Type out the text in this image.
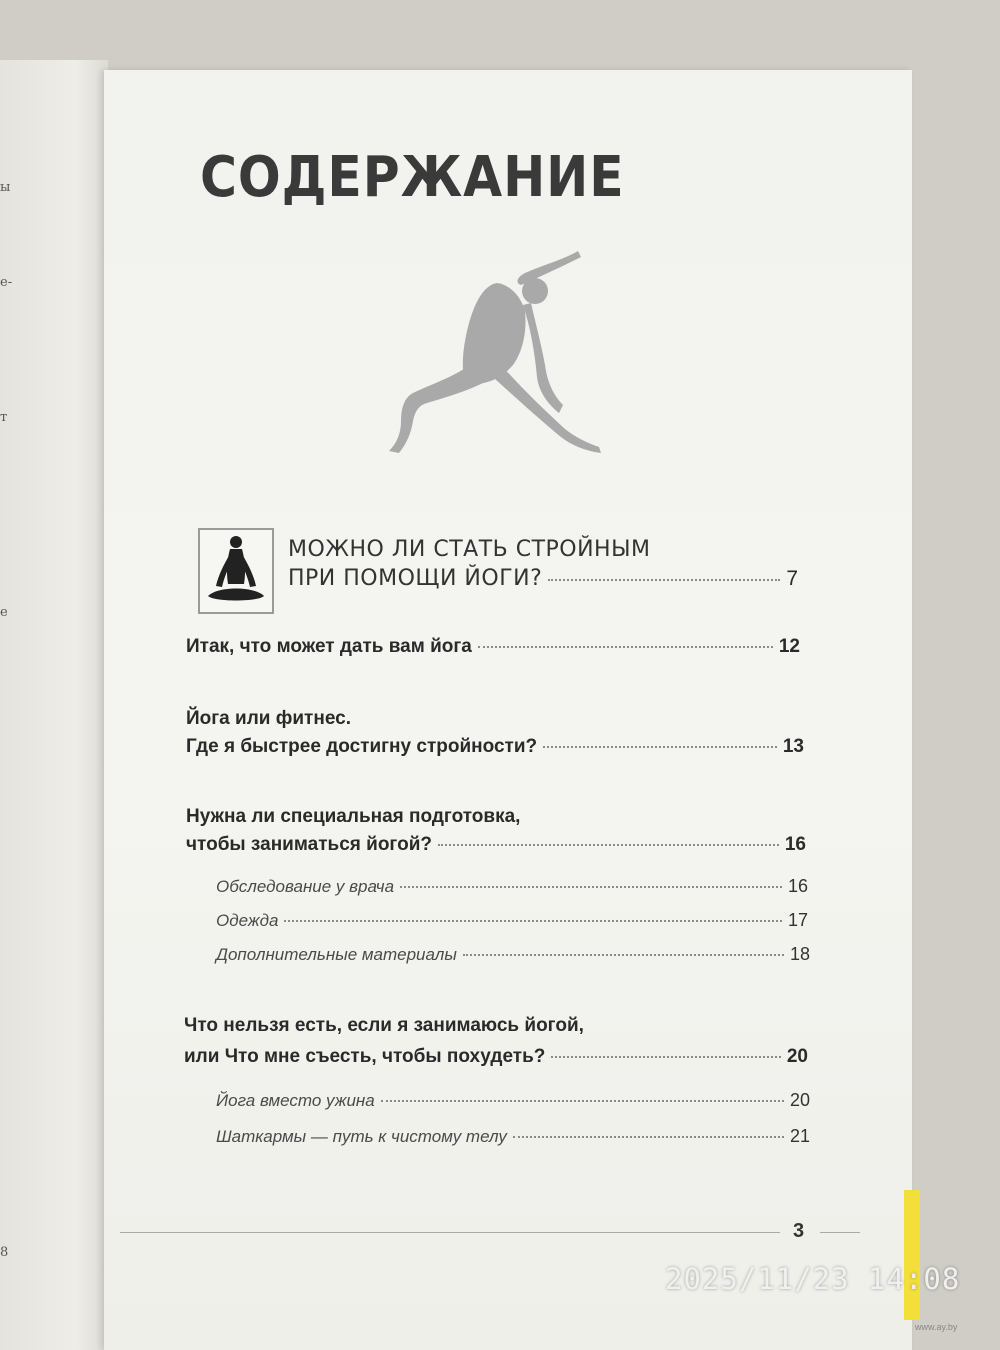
ы
е-
т
е
8
СОДЕРЖАНИЕ
МОЖНО ЛИ СТАТЬ СТРОЙНЫМ
ПРИ ПОМОЩИ ЙОГИ?	7
Итак, что может дать вам йога	12
Йога или фитнес.
Где я быстрее достигну стройности?	13
Нужна ли специальная подготовка,
чтобы заниматься йогой?	16
Обследование у врача	16
Одежда	17
Дополнительные материалы	18
Что нельзя есть, если я занимаюсь йогой,
или Что мне съесть, чтобы похудеть?	20
Йога вместо ужина	20
Шаткармы — путь к чистому телу	21
3
2025/11/23 14:08
www.ay.by
